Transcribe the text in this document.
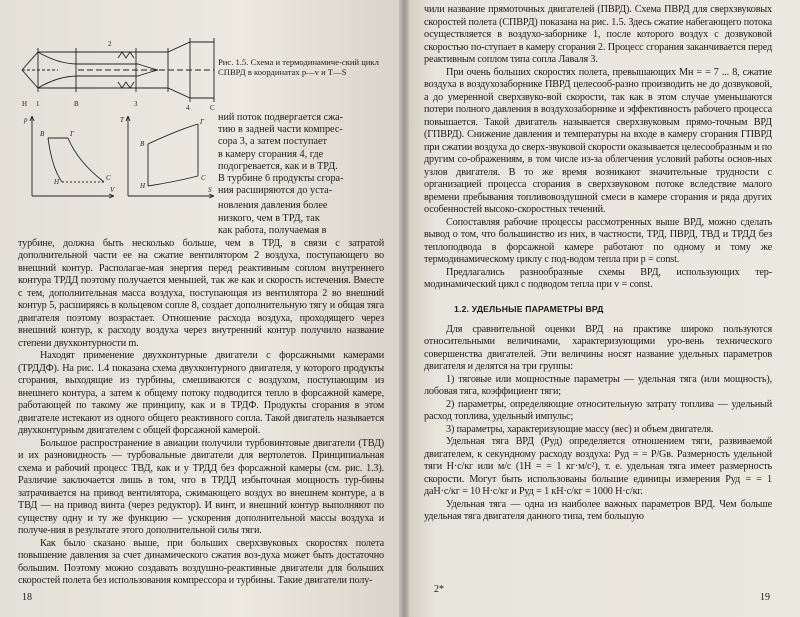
Н 1	В
2
3	4	С
p
V
В	Г
Н	С
T
S
Г
В
Н
С
Рис. 1.5. Схема и термодинамиче-ский цикл СПВРД в координатах p—v и T—S
ний поток подвергается сжа-
тию в задней части компрес-
сора 3, а затем поступает
в камеру сгорания 4, где
подогревается, как и в ТРД.
В турбине 6 продукты сгора-
ния расширяются до уста-
новления давления более
низкого, чем в ТРД, так
как работа, получаемая в

турбине, должна быть несколько больше, чем в ТРД, в связи с затратой дополнительной части ее на сжатие вентилятором 2 воздуха, поступающего во внешний контур. Располагае-мая энергия перед реактивным соплом внутреннего контура ТРДД поэтому получается меньшей, так же как и скорость истечения. Вместе с тем, дополнительная масса воздуха, поступающая из вентилятора 2 во внешний контур 5, расширяясь в кольцевом сопле 8, создает дополнительную тягу и общая тяга двигателя поэтому возрастает. Отношение расхода воздуха, проходящего через внешний контур, к расходу воздуха через внутренний контур получило название степени двухконтурности m.

Находят применение двухконтурные двигатели с форсажными камерами (ТРДДФ). На рис. 1.4 показана схема двухконтурного двигателя, у которого продукты сгорания, выходящие из турбины, смешиваются с воздухом, поступающим из внешнего контура, а затем к общему потоку подводится тепло в форсажной камере, работающей по такому же принципу, как и в ТРДФ. Продукты сгорания в этом двигателе истекают из одного общего реактивного сопла. Такой двигатель называется двухконтурным двигателем с общей форсажной камерой.

Большое распространение в авиации получили турбовинтовые двигатели (ТВД) и их разновидность — турбовальные двигатели для вертолетов. Принципиальная схема и рабочий процесс ТВД, как и у ТРДД без форсажной камеры (см. рис. 1.3). Различие заключается лишь в том, что в ТРДД избыточная мощность тур-бины затрачивается на привод вентилятора, сжимающего воздух во внешнем контуре, а в ТВД — на привод винта (через редуктор). И винт, и внешний контур выполняют по существу одну и ту же функцию — ускорения дополнительной массы воздуха и получе-ния в результате этого дополнительной силы тяги.

Как было сказано выше, при больших сверхзвуковых скоростях полета повышение давления за счет динамического сжатия воз-духа может быть достаточно большим. Поэтому можно создавать воздушно-реактивные двигатели для больших скоростей полета без использования компрессора и турбины. Такие двигатели полу-

18

чили название прямоточных двигателей (ПВРД). Схема ПВРД для сверхзвуковых скоростей полета (СПВРД) показана на рис. 1.5. Здесь сжатие набегающего потока осуществляется в воздухо-заборнике 1, после которого воздух с дозвуковой скоростью по-ступает в камеру сгорания 2. Процесс сгорания заканчивается перед реактивным соплом типа сопла Лаваля 3.

При очень больших скоростях полета, превышающих Mн = = 7 ... 8, сжатие воздуха в воздухозаборнике ПВРД целесооб-разно производить не до дозвуковой, а до умеренной сверхзвуко-вой скорости, так как в этом случае уменьшаются потери полного давления в воздухозаборнике и эффективность рабочего процесса повышается. Такой двигатель называется сверхзвуковым прямо-точным ВРД (ГПВРД). Снижение давления и температуры на входе в камеру сгорания ГПВРД при сжатии воздуха до сверх-звуковой скорости оказывается целесообразным и по другим со-ображениям, в том числе из-за облегчения условий работы основ-ных узлов двигателя. В то же время возникают значительные трудности с организацией процесса сгорания в сверхзвуковом потоке вследствие малого времени пребывания топливовоздушной смеси в камере сгорания и ряда других особенностей высоко-скоростных течений.

Сопоставляя рабочие процессы рассмотренных выше ВРД, можно сделать вывод о том, что большинство из них, в частности, ТРД, ПВРД, ТВД и ТРДД без теплоподвода в форсажной камере работают по одному и тому же термодинамическому циклу с под-водом тепла при p = const.

Предлагались разнообразные схемы ВРД, использующих тер-модинамический цикл с подводом тепла при v = const.

1.2. УДЕЛЬНЫЕ ПАРАМЕТРЫ ВРД

Для сравнительной оценки ВРД на практике широко пользуются относительными величинами, характеризующими уро-вень технического совершенства двигателей. Эти величины носят название удельных параметров двигателя и делятся на три группы:

1) тяговые или мощностные параметры — удельная тяга (или мощность), лобовая тяга, коэффициент тяги;

2) параметры, определяющие относительную затрату топлива — удельный расход топлива, удельный импульс;

3) параметры, характеризующие массу (вес) и объем двигателя.

Удельная тяга ВРД (Pуд) определяется отношением тяги, развиваемой двигателем, к секундному расходу воздуха: Pуд = = P/Gв. Размерность удельной тяги Н·с/кг или м/с (1Н = = 1 кг·м/с²), т. е. удельная тяга имеет размерность скорости. Могут быть использованы большие единицы измерения Pуд = = 1 даН·с/кг = 10 Н·с/кг и Pуд = 1 кН·с/кг = 1000 Н·с/кг.

Удельная тяга — одна из наиболее важных параметров ВРД. Чем больше удельная тяга двигателя данного типа, тем большую

2*
19
